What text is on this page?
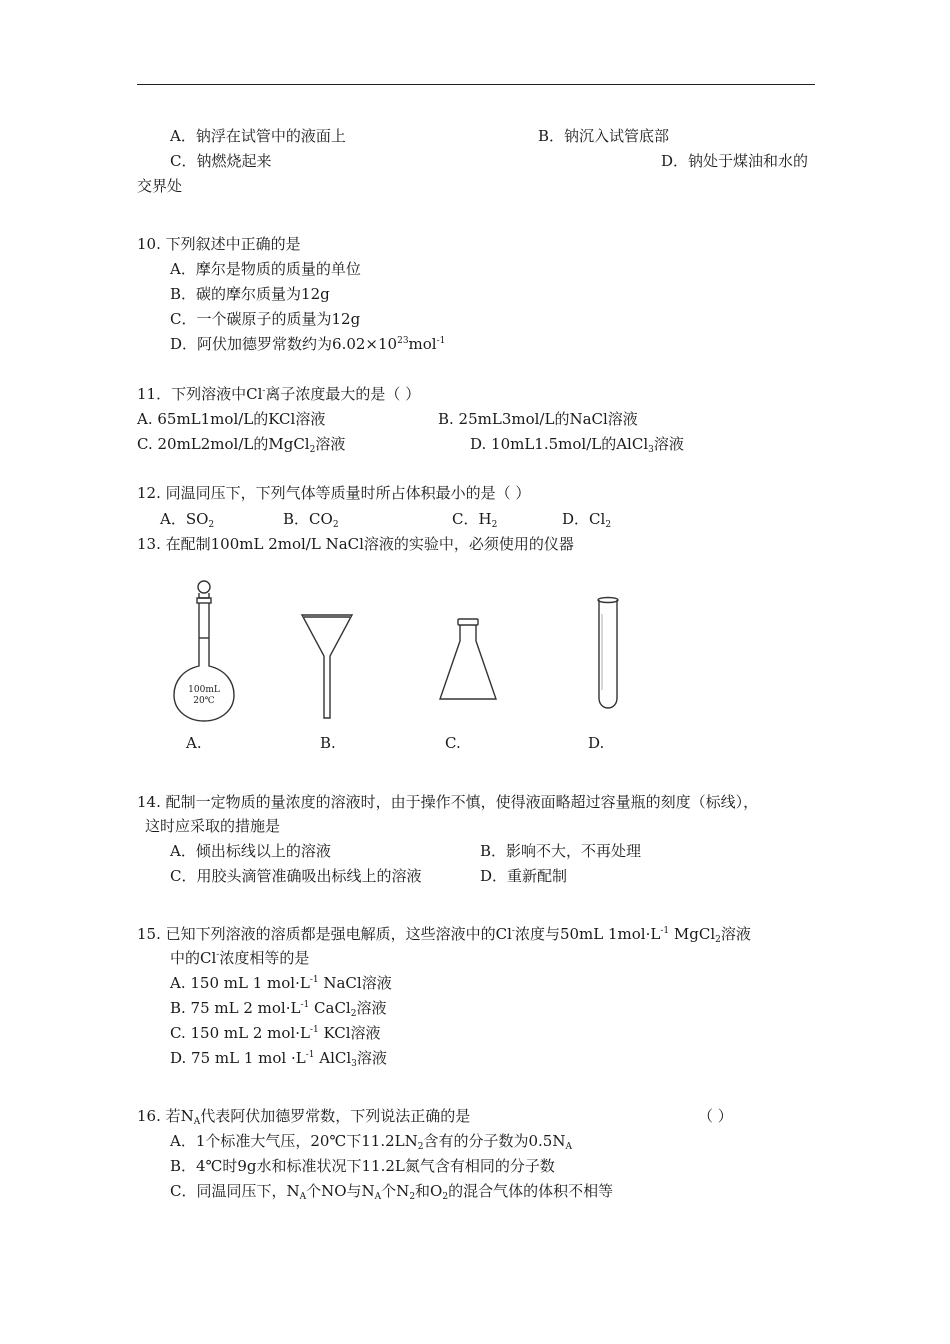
A．钠浮在试管中的液面上	B．钠沉入试管底部
C．钠燃烧起来	D．钠处于煤油和水的
交界处
10. 下列叙述中正确的是
A．摩尔是物质的质量的单位
B．碳的摩尔质量为12g
C．一个碳原子的质量为12g
D．阿伏加德罗常数约为$6.02\times 10^{23}mol^{-1}$
11．下列溶液中Cl-离子浓度最大的是（ ）
A. 65mL1mol/L的KCl溶液	B. 25mL3mol/L的NaCl溶液
C. 20mL2mol/L的MgCl$_2$溶液	D. 10mL1.5mol/L的AlCl$_3$溶液
12. 同温同压下，下列气体等质量时所占体积最小的是（ ）
A．$SO_2$	B．$CO_2$	C．$H_2$	D．$Cl_2$
13. 在配制100mL 2mol/L NaCl溶液的实验中，必须使用的仪器
100mL
20℃
A.	B.	C.	D.
14. 配制一定物质的量浓度的溶液时，由于操作不慎，使得液面略超过容量瓶的刻度（标线），
这时应采取的措施是
A．倾出标线以上的溶液	B．影响不大，不再处理
C．用胶头滴管准确吸出标线上的溶液	D．重新配制
15. 已知下列溶液的溶质都是强电解质，这些溶液中的Cl-浓度与50mL $1mol\cdot L^{-1}$ MgCl$_2$溶液
中的Cl-浓度相等的是
A. 150 mL 1 $mol\cdot L^{-1}$ NaCl溶液
B. 75 mL 2 $mol\cdot L^{-1}$ CaCl$_2$溶液
C. 150 mL 2 $mol\cdot L^{-1}$ KCl溶液
D. 75 mL 1 mol $\cdot L^{-1}$ AlCl$_3$溶液
16. 若$N_A$代表阿伏加德罗常数，下列说法正确的是	（ ）
A．1个标准大气压，20℃下$11.2LN_2$含有的分子数为$0.5N_A$
B．4℃时9g水和标准状况下11.2L氮气含有相同的分子数
C．同温同压下，$N_A$个NO与$N_A$个$N_2$和$O_2$的混合气体的体积不相等
